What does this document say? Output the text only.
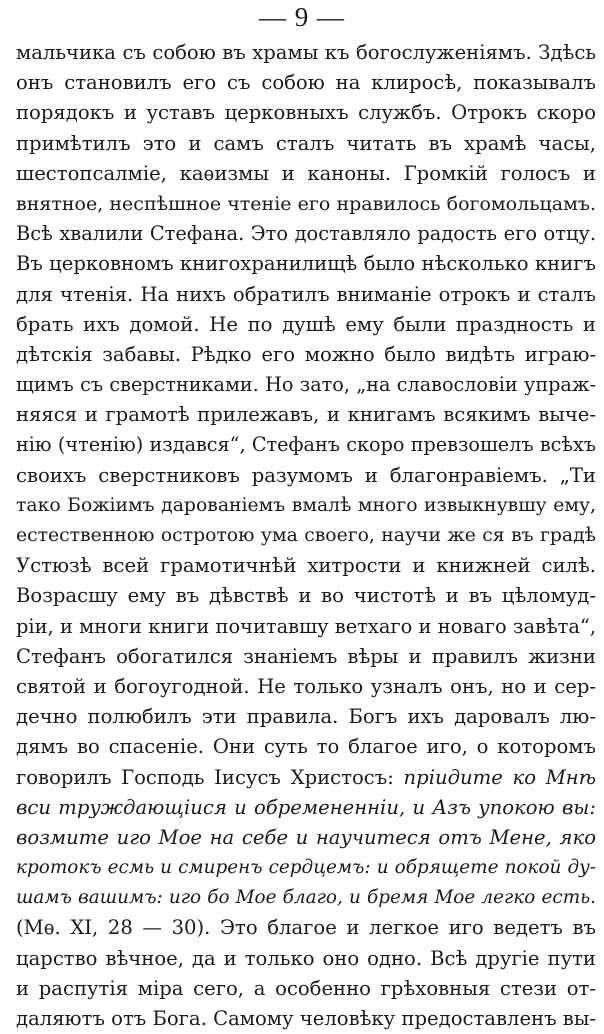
— 9 —
мальчика съ собою въ храмы къ богослуженіямъ. Здѣсь
онъ становилъ его съ собою на клиросѣ, показывалъ
порядокъ и уставъ церковныхъ службъ. Отрокъ скоро
примѣтилъ это и самъ сталъ читать въ храмѣ часы,
шестопсалміе, каѳизмы и каноны. Громкій голосъ и
внятное, неспѣшное чтеніе его нравилось богомольцамъ.
Всѣ хвалили Стефана. Это доставляло радость его отцу.
Въ церковномъ книгохранилищѣ было нѣсколько книгъ
для чтенія. На нихъ обратилъ вниманіе отрокъ и сталъ
брать ихъ домой. Не по душѣ ему были праздность и
дѣтскія забавы. Рѣдко его можно было видѣть играю-
щимъ съ сверстниками. Но зато, „на славословіи упраж-
няяся и грамотѣ прилежавъ, и книгамъ всякимъ выче-
нію (чтенію) издався“, Стефанъ скоро превзошелъ всѣхъ
своихъ сверстниковъ разумомъ и благонравіемъ. „Ти
тако Божіимъ дарованіемъ вмалѣ много извыкнувшу ему,
естественною остротою ума своего, научи же ся въ градѣ
Устюзѣ всей грамотичнѣй хитрости и книжней силѣ.
Возрасшу ему въ дѣвствѣ и во чистотѣ и въ цѣломуд-
ріи, и многи книги почитавшу ветхаго и новаго завѣта“,
Стефанъ обогатился знаніемъ вѣры и правилъ жизни
святой и богоугодной. Не только узналъ онъ, но и сер-
дечно полюбилъ эти правила. Богъ ихъ даровалъ лю-
дямъ во спасеніе. Они суть то благое иго, о которомъ
говорилъ Господь Іисусъ Христосъ: пріидите ко Мнѣ
вси труждающіися и обремененніи, и Азъ упокою вы:
возмите иго Мое на себе и научитеся отъ Мене, яко
кротокъ есмь и смиренъ сердцемъ: и обрящете покой ду-
шамъ вашимъ: иго бо Мое благо, и бремя Мое легко есть.
(Мѳ. XI, 28 — 30). Это благое и легкое иго ведетъ въ
царство вѣчное, да и только оно одно. Всѣ другіе пути
и распутія міра сего, а особенно грѣховныя стези от-
даляютъ отъ Бога. Самому человѣку предоставленъ вы-
